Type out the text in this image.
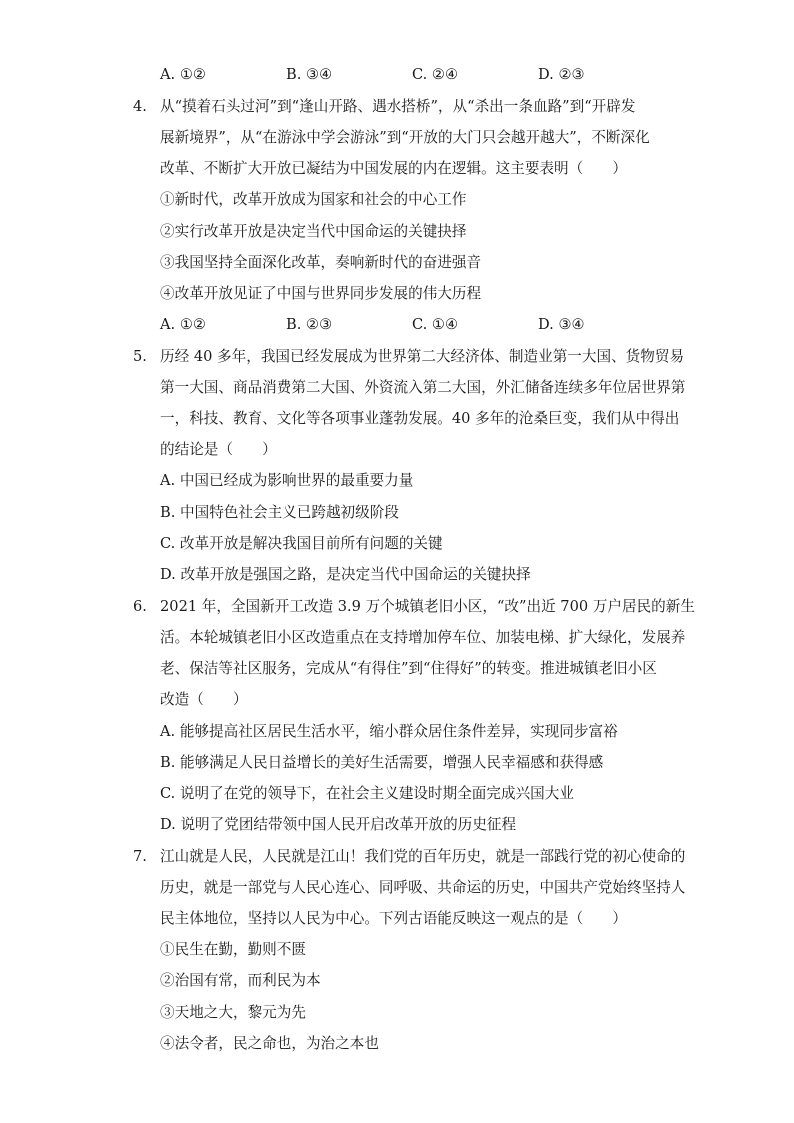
A. ①②	B. ③④	C. ②④	D. ②③
4. 从“摸着石头过河”到“逢山开路、遇水搭桥”，从“杀出一条血路”到“开辟发
展新境界”，从“在游泳中学会游泳”到“开放的大门只会越开越大”，不断深化
改革、不断扩大开放已凝结为中国发展的内在逻辑。这主要表明（　　）
①新时代，改革开放成为国家和社会的中心工作
②实行改革开放是决定当代中国命运的关键抉择
③我国坚持全面深化改革，奏响新时代的奋进强音
④改革开放见证了中国与世界同步发展的伟大历程
A. ①②	B. ②③	C. ①④	D. ③④
5. 历经 40 多年，我国已经发展成为世界第二大经济体、制造业第一大国、货物贸易
第一大国、商品消费第二大国、外资流入第二大国，外汇储备连续多年位居世界第
一，科技、教育、文化等各项事业蓬勃发展。40 多年的沧桑巨变，我们从中得出
的结论是（　　）
A. 中国已经成为影响世界的最重要力量
B. 中国特色社会主义已跨越初级阶段
C. 改革开放是解决我国目前所有问题的关键
D. 改革开放是强国之路，是决定当代中国命运的关键抉择
6. 2021 年，全国新开工改造 3.9 万个城镇老旧小区，“改”出近 700 万户居民的新生
活。本轮城镇老旧小区改造重点在支持增加停车位、加装电梯、扩大绿化，发展养
老、保洁等社区服务，完成从“有得住”到“住得好”的转变。推进城镇老旧小区
改造（　　）
A. 能够提高社区居民生活水平，缩小群众居住条件差异，实现同步富裕
B. 能够满足人民日益增长的美好生活需要，增强人民幸福感和获得感
C. 说明了在党的领导下，在社会主义建设时期全面完成兴国大业
D. 说明了党团结带领中国人民开启改革开放的历史征程
7. 江山就是人民，人民就是江山！我们党的百年历史，就是一部践行党的初心使命的
历史，就是一部党与人民心连心、同呼吸、共命运的历史，中国共产党始终坚持人
民主体地位，坚持以人民为中心。下列古语能反映这一观点的是（　　）
①民生在勤，勤则不匮
②治国有常，而利民为本
③天地之大，黎元为先
④法令者，民之命也，为治之本也
